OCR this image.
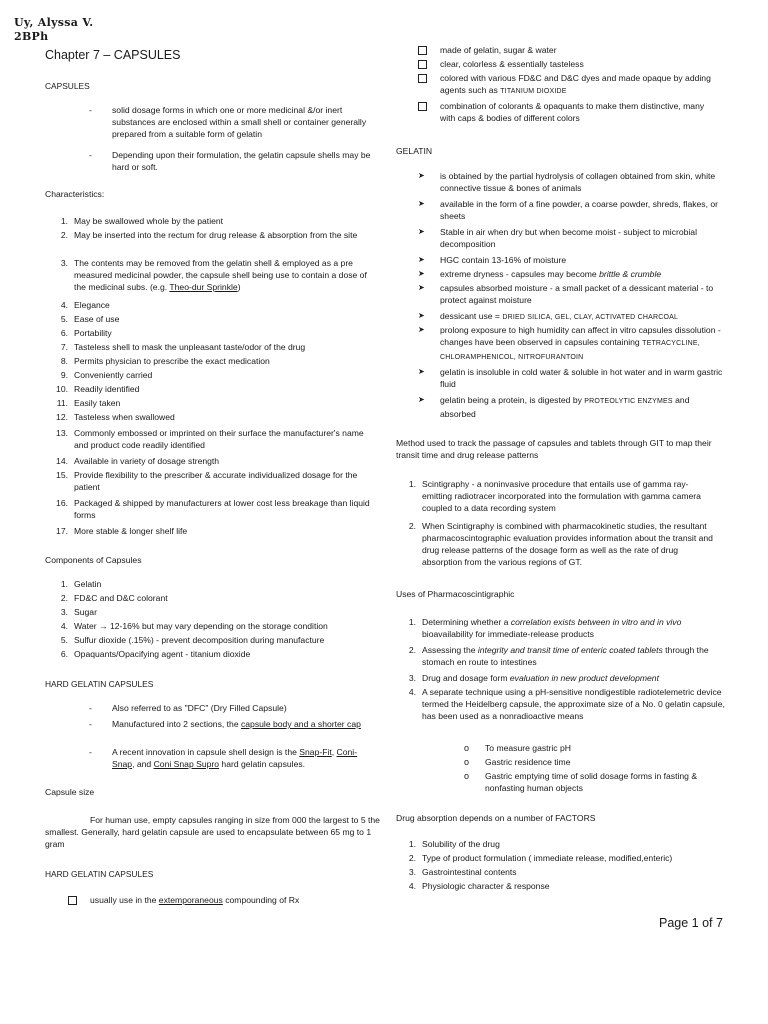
Uy, Alyssa V.
2BPh
Chapter 7 – CAPSULES
CAPSULES
- solid dosage forms in which one or more medicinal &/or inert substances are enclosed within a small shell or container generally prepared from a suitable form of gelatin
- Depending upon their formulation, the gelatin capsule shells may be hard or soft.
Characteristics:
1. May be swallowed whole by the patient
2. May be inserted into the rectum for drug release & absorption from the site
3. The contents may be removed from the gelatin shell & employed as a pre measured medicinal powder, the capsule shell being use to contain a dose of the medicinal subs. (e.g. Theo-dur Sprinkle)
4. Elegance
5. Ease of use
6. Portability
7. Tasteless shell to mask the unpleasant taste/odor of the drug
8. Permits physician to prescribe the exact medication
9. Conveniently carried
10. Readily identified
11. Easily taken
12. Tasteless when swallowed
13. Commonly embossed or imprinted on their surface the manufacturer's name and product code readily identified
14. Available in variety of dosage strength
15. Provide flexibility to the prescriber & accurate individualized dosage for the patient
16. Packaged & shipped by manufacturers at lower cost less breakage than liquid forms
17. More stable & longer shelf life
Components of Capsules
1. Gelatin
2. FD&C and D&C colorant
3. Sugar
4. Water → 12-16% but may vary depending on the storage condition
5. Sulfur dioxide (.15%) - prevent decomposition during manufacture
6. Opaquants/Opacifying agent - titanium dioxide
HARD GELATIN CAPSULES
- Also referred to as "DFC" (Dry Filled Capsule)
- Manufactured into 2 sections, the capsule body and a shorter cap
- A recent innovation in capsule shell design is the Snap-Fit, Coni-Snap, and Coni Snap Supro hard gelatin capsules.
Capsule size
For human use, empty capsules ranging in size from 000 the largest to 5 the smallest. Generally, hard gelatin capsule are used to encapsulate between 65 mg to 1 gram
HARD GELATIN CAPSULES
usually use in the extemporaneous compounding of Rx
made of gelatin, sugar & water
clear, colorless & essentially tasteless
colored with various FD&C and D&C dyes and made opaque by adding agents such as TITANIUM DIOXIDE
combination of colorants & opaquants to make them distinctive, many with caps & bodies of different colors
GELATIN
➤ is obtained by the partial hydrolysis of collagen obtained from skin, white connective tissue & bones of animals
➤ available in the form of a fine powder, a coarse powder, shreds, flakes, or sheets
➤ Stable in air when dry but when become moist - subject to microbial decomposition
➤ HGC contain 13-16% of moisture
➤ extreme dryness - capsules may become brittle & crumble
➤ capsules absorbed moisture - a small packet of a dessicant material - to protect against moisture
➤ dessicant use = DRIED SILICA, GEL, CLAY, ACTIVATED CHARCOAL
➤ prolong exposure to high humidity can affect in vitro capsules dissolution - changes have been observed in capsules containing TETRACYCLINE, CHLORAMPHENICOL, NITROFURANTOIN
➤ gelatin is insoluble in cold water & soluble in hot water and in warm gastric fluid
➤ gelatin being a protein, is digested by PROTEOLYTIC ENZYMES and absorbed
Method used to track the passage of capsules and tablets through GIT to map their transit time and drug release patterns
1. Scintigraphy - a noninvasive procedure that entails use of gamma ray- emitting radiotracer incorporated into the formulation with gamma camera coupled to a data recording system
2. When Scintigraphy is combined with pharmacokinetic studies, the resultant pharmacoscintographic evaluation provides information about the transit and drug release patterns of the dosage form as well as the rate of drug absorption from the various regions of GT.
Uses of Pharmacoscintigraphic
1. Determining whether a correlation exists between in vitro and in vivo bioavailability for immediate-release products
2. Assessing the integrity and transit time of enteric coated tablets through the stomach en route to intestines
3. Drug and dosage form evaluation in new product development
4. A separate technique using a pH-sensitive nondigestible radiotelemetric device termed the Heidelberg capsule, the approximate size of a No. 0 gelatin capsule, has been used as a nonradioactive means
o To measure gastric pH
o Gastric residence time
o Gastric emptying time of solid dosage forms in fasting & nonfasting human objects
Drug absorption depends on a number of FACTORS
1. Solubility of the drug
2. Type of product formulation ( immediate release, modified,enteric)
3. Gastrointestinal contents
4. Physiologic character & response
Page 1 of 7
